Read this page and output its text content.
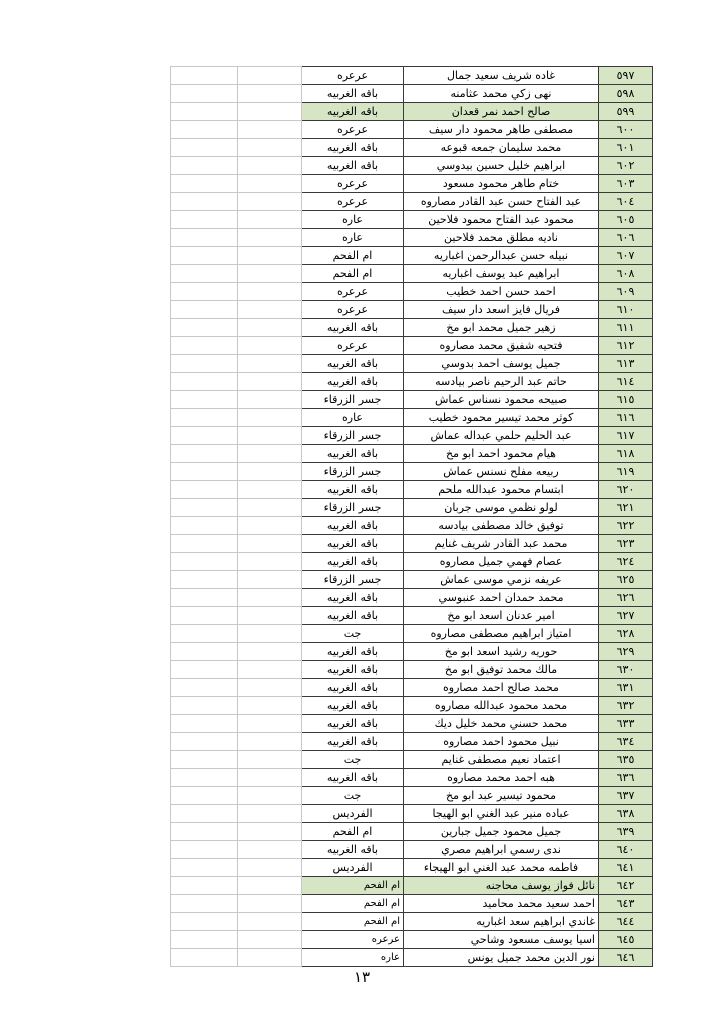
		عرعره	غاده شريف سعيد جمال	٥٩٧
		باقه الغربيه	نهى زكي محمد عثامنه	٥٩٨
		باقه الغربيه	صالح احمد نمر قعدان	٥٩٩
		عرعره	مصطفى طاهر محمود دار سيف	٦٠٠
		باقه الغربيه	محمد سليمان جمعه قبوعه	٦٠١
		باقه الغربيه	ابراهيم خليل حسين بيدوسي	٦٠٢
		عرعره	ختام طاهر محمود مسعود	٦٠٣
		عرعره	عبد الفتاح حسن عبد القادر مصاروه	٦٠٤
		عاره	محمود عبد الفتاح محمود فلاحين	٦٠٥
		عاره	ناديه مطلق محمد فلاحين	٦٠٦
		ام الفحم	نبيله حسن عبدالرحمن اغباريه	٦٠٧
		ام الفحم	ابراهيم عبد يوسف اغباريه	٦٠٨
		عرعره	احمد حسن احمد خطيب	٦٠٩
		عرعره	فريال فايز اسعد دار سيف	٦١٠
		باقه الغربيه	زهير جميل محمد ابو مخ	٦١١
		عرعره	فتحيه شفيق محمد مصاروه	٦١٢
		باقه الغربيه	جميل يوسف احمد بدوسي	٦١٣
		باقه الغربيه	حاتم عبد الرحيم ناصر بيادسه	٦١٤
		جسر الزرقاء	صبيحه محمود نسناس عماش	٦١٥
		عاره	كوثر محمد تيسير محمود خطيب	٦١٦
		جسر الزرقاء	عبد الحليم حلمي عبداله عماش	٦١٧
		باقه الغربيه	هيام محمود احمد ابو مخ	٦١٨
		جسر الزرقاء	ربيعه مفلح نسنس عماش	٦١٩
		باقه الغربيه	ابتسام محمود عبدالله ملحم	٦٢٠
		جسر الزرقاء	لولو نظمي موسى جربان	٦٢١
		باقه الغربيه	توفيق خالد مصطفى بيادسه	٦٢٢
		باقه الغربيه	محمد عبد القادر شريف غنايم	٦٢٣
		باقه الغربيه	عصام فهمي جميل مصاروه	٦٢٤
		جسر الزرقاء	عريفه نزمي موسى عماش	٦٢٥
		باقه الغربيه	محمد حمدان احمد عنبوسي	٦٢٦
		باقه الغربيه	امير عدنان اسعد ابو مخ	٦٢٧
		جت	امتياز ابراهيم مصطفى مصاروه	٦٢٨
		باقه الغربيه	حوريه رشيد اسعد ابو مخ	٦٢٩
		باقه الغربيه	مالك محمد توفيق ابو مخ	٦٣٠
		باقه الغربيه	محمد صالح احمد مصاروه	٦٣١
		باقه الغربيه	محمد محمود عبدالله مصاروه	٦٣٢
		باقه الغربيه	محمد حسني محمد خليل ديك	٦٣٣
		باقه الغربيه	نبيل محمود احمد مصاروه	٦٣٤
		جت	اعتماد نعيم مصطفى غنايم	٦٣٥
		باقه الغربيه	هبه احمد محمد مصاروه	٦٣٦
		جت	محمود تيسير عبد ابو مخ	٦٣٧
		الفرديس	عباده منير عبد الغني ابو الهيجا	٦٣٨
		ام الفحم	جميل محمود جميل جبارين	٦٣٩
		باقه الغربيه	ندى رسمي ابراهيم مصري	٦٤٠
		الفرديس	فاطمه محمد عبد الغني ابو الهيجاء	٦٤١
		ام الفحم	نائل فواز يوسف محاجنه	٦٤٢
		ام الفحم	احمد سعيد محمد محاميد	٦٤٣
		ام الفحم	غاندي ابراهيم سعد اغباريه	٦٤٤
		عرعره	اسيا يوسف مسعود وشاحي	٦٤٥
		عاره	نور الدين محمد جميل يونس	٦٤٦
١٣
